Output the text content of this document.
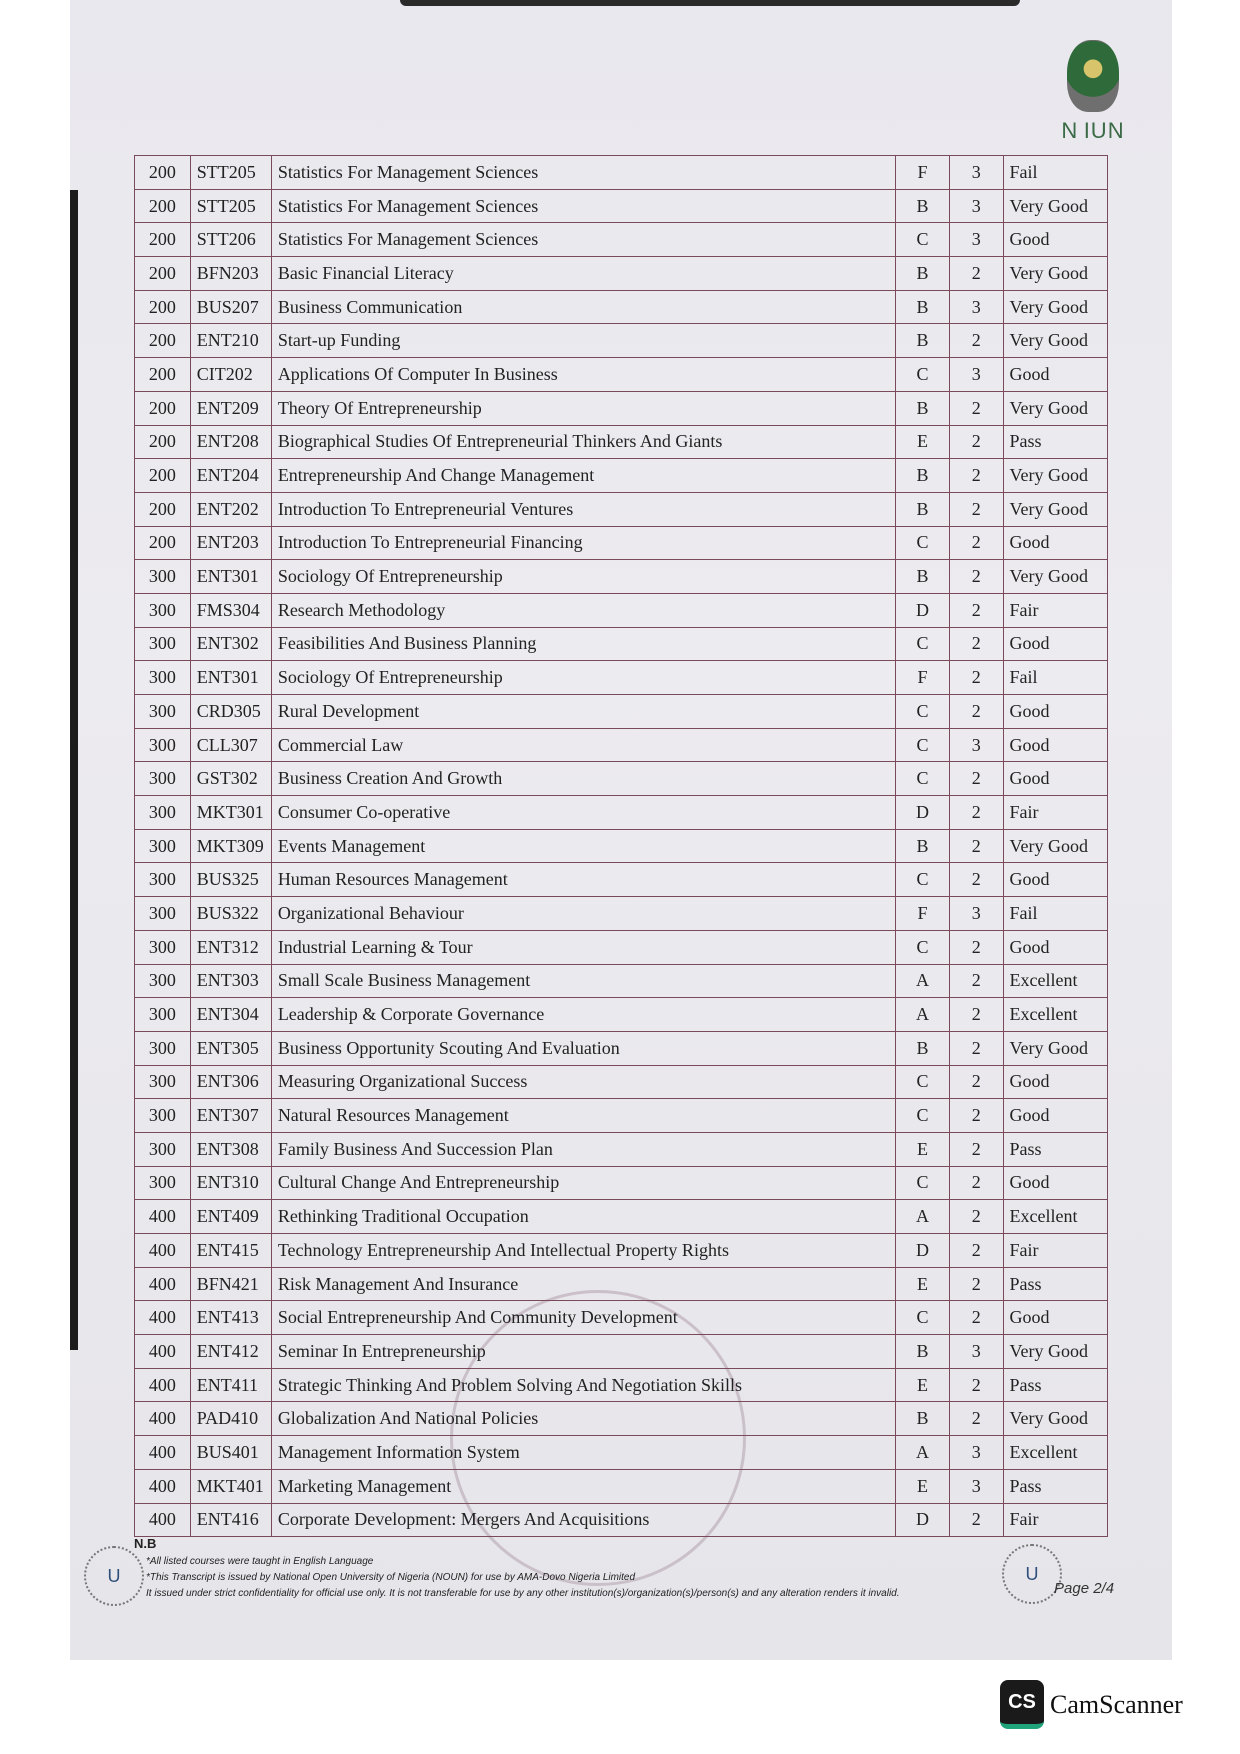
N IUN
200	STT205	Statistics For Management Sciences	F	3	Fail
200	STT205	Statistics For Management Sciences	B	3	Very Good
200	STT206	Statistics For Management Sciences	C	3	Good
200	BFN203	Basic Financial Literacy	B	2	Very Good
200	BUS207	Business Communication	B	3	Very Good
200	ENT210	Start-up Funding	B	2	Very Good
200	CIT202	Applications Of Computer In Business	C	3	Good
200	ENT209	Theory Of Entrepreneurship	B	2	Very Good
200	ENT208	Biographical Studies Of Entrepreneurial Thinkers And Giants	E	2	Pass
200	ENT204	Entrepreneurship And Change Management	B	2	Very Good
200	ENT202	Introduction To Entrepreneurial Ventures	B	2	Very Good
200	ENT203	Introduction To Entrepreneurial Financing	C	2	Good
300	ENT301	Sociology Of Entrepreneurship	B	2	Very Good
300	FMS304	Research Methodology	D	2	Fair
300	ENT302	Feasibilities And Business Planning	C	2	Good
300	ENT301	Sociology Of Entrepreneurship	F	2	Fail
300	CRD305	Rural Development	C	2	Good
300	CLL307	Commercial Law	C	3	Good
300	GST302	Business Creation And Growth	C	2	Good
300	MKT301	Consumer Co-operative	D	2	Fair
300	MKT309	Events Management	B	2	Very Good
300	BUS325	Human Resources Management	C	2	Good
300	BUS322	Organizational Behaviour	F	3	Fail
300	ENT312	Industrial Learning & Tour	C	2	Good
300	ENT303	Small Scale Business Management	A	2	Excellent
300	ENT304	Leadership & Corporate Governance	A	2	Excellent
300	ENT305	Business Opportunity Scouting And Evaluation	B	2	Very Good
300	ENT306	Measuring Organizational Success	C	2	Good
300	ENT307	Natural Resources Management	C	2	Good
300	ENT308	Family Business And Succession Plan	E	2	Pass
300	ENT310	Cultural Change And Entrepreneurship	C	2	Good
400	ENT409	Rethinking Traditional Occupation	A	2	Excellent
400	ENT415	Technology Entrepreneurship And Intellectual Property Rights	D	2	Fair
400	BFN421	Risk Management And Insurance	E	2	Pass
400	ENT413	Social Entrepreneurship And Community Development	C	2	Good
400	ENT412	Seminar In Entrepreneurship	B	3	Very Good
400	ENT411	Strategic Thinking And Problem Solving And Negotiation Skills	E	2	Pass
400	PAD410	Globalization And National Policies	B	2	Very Good
400	BUS401	Management Information System	A	3	Excellent
400	MKT401	Marketing Management	E	3	Pass
400	ENT416	Corporate Development: Mergers And Acquisitions	D	2	Fair
N.B
*All listed courses were taught in English Language
*This Transcript is issued by National Open University of Nigeria (NOUN) for use by AMA-Dovo Nigeria Limited
It issued under strict confidentiality for official use only. It is not transferable for use by any other institution(s)/organization(s)/person(s) and any alteration renders it invalid.
U	U
Page 2/4
CS CamScanner
